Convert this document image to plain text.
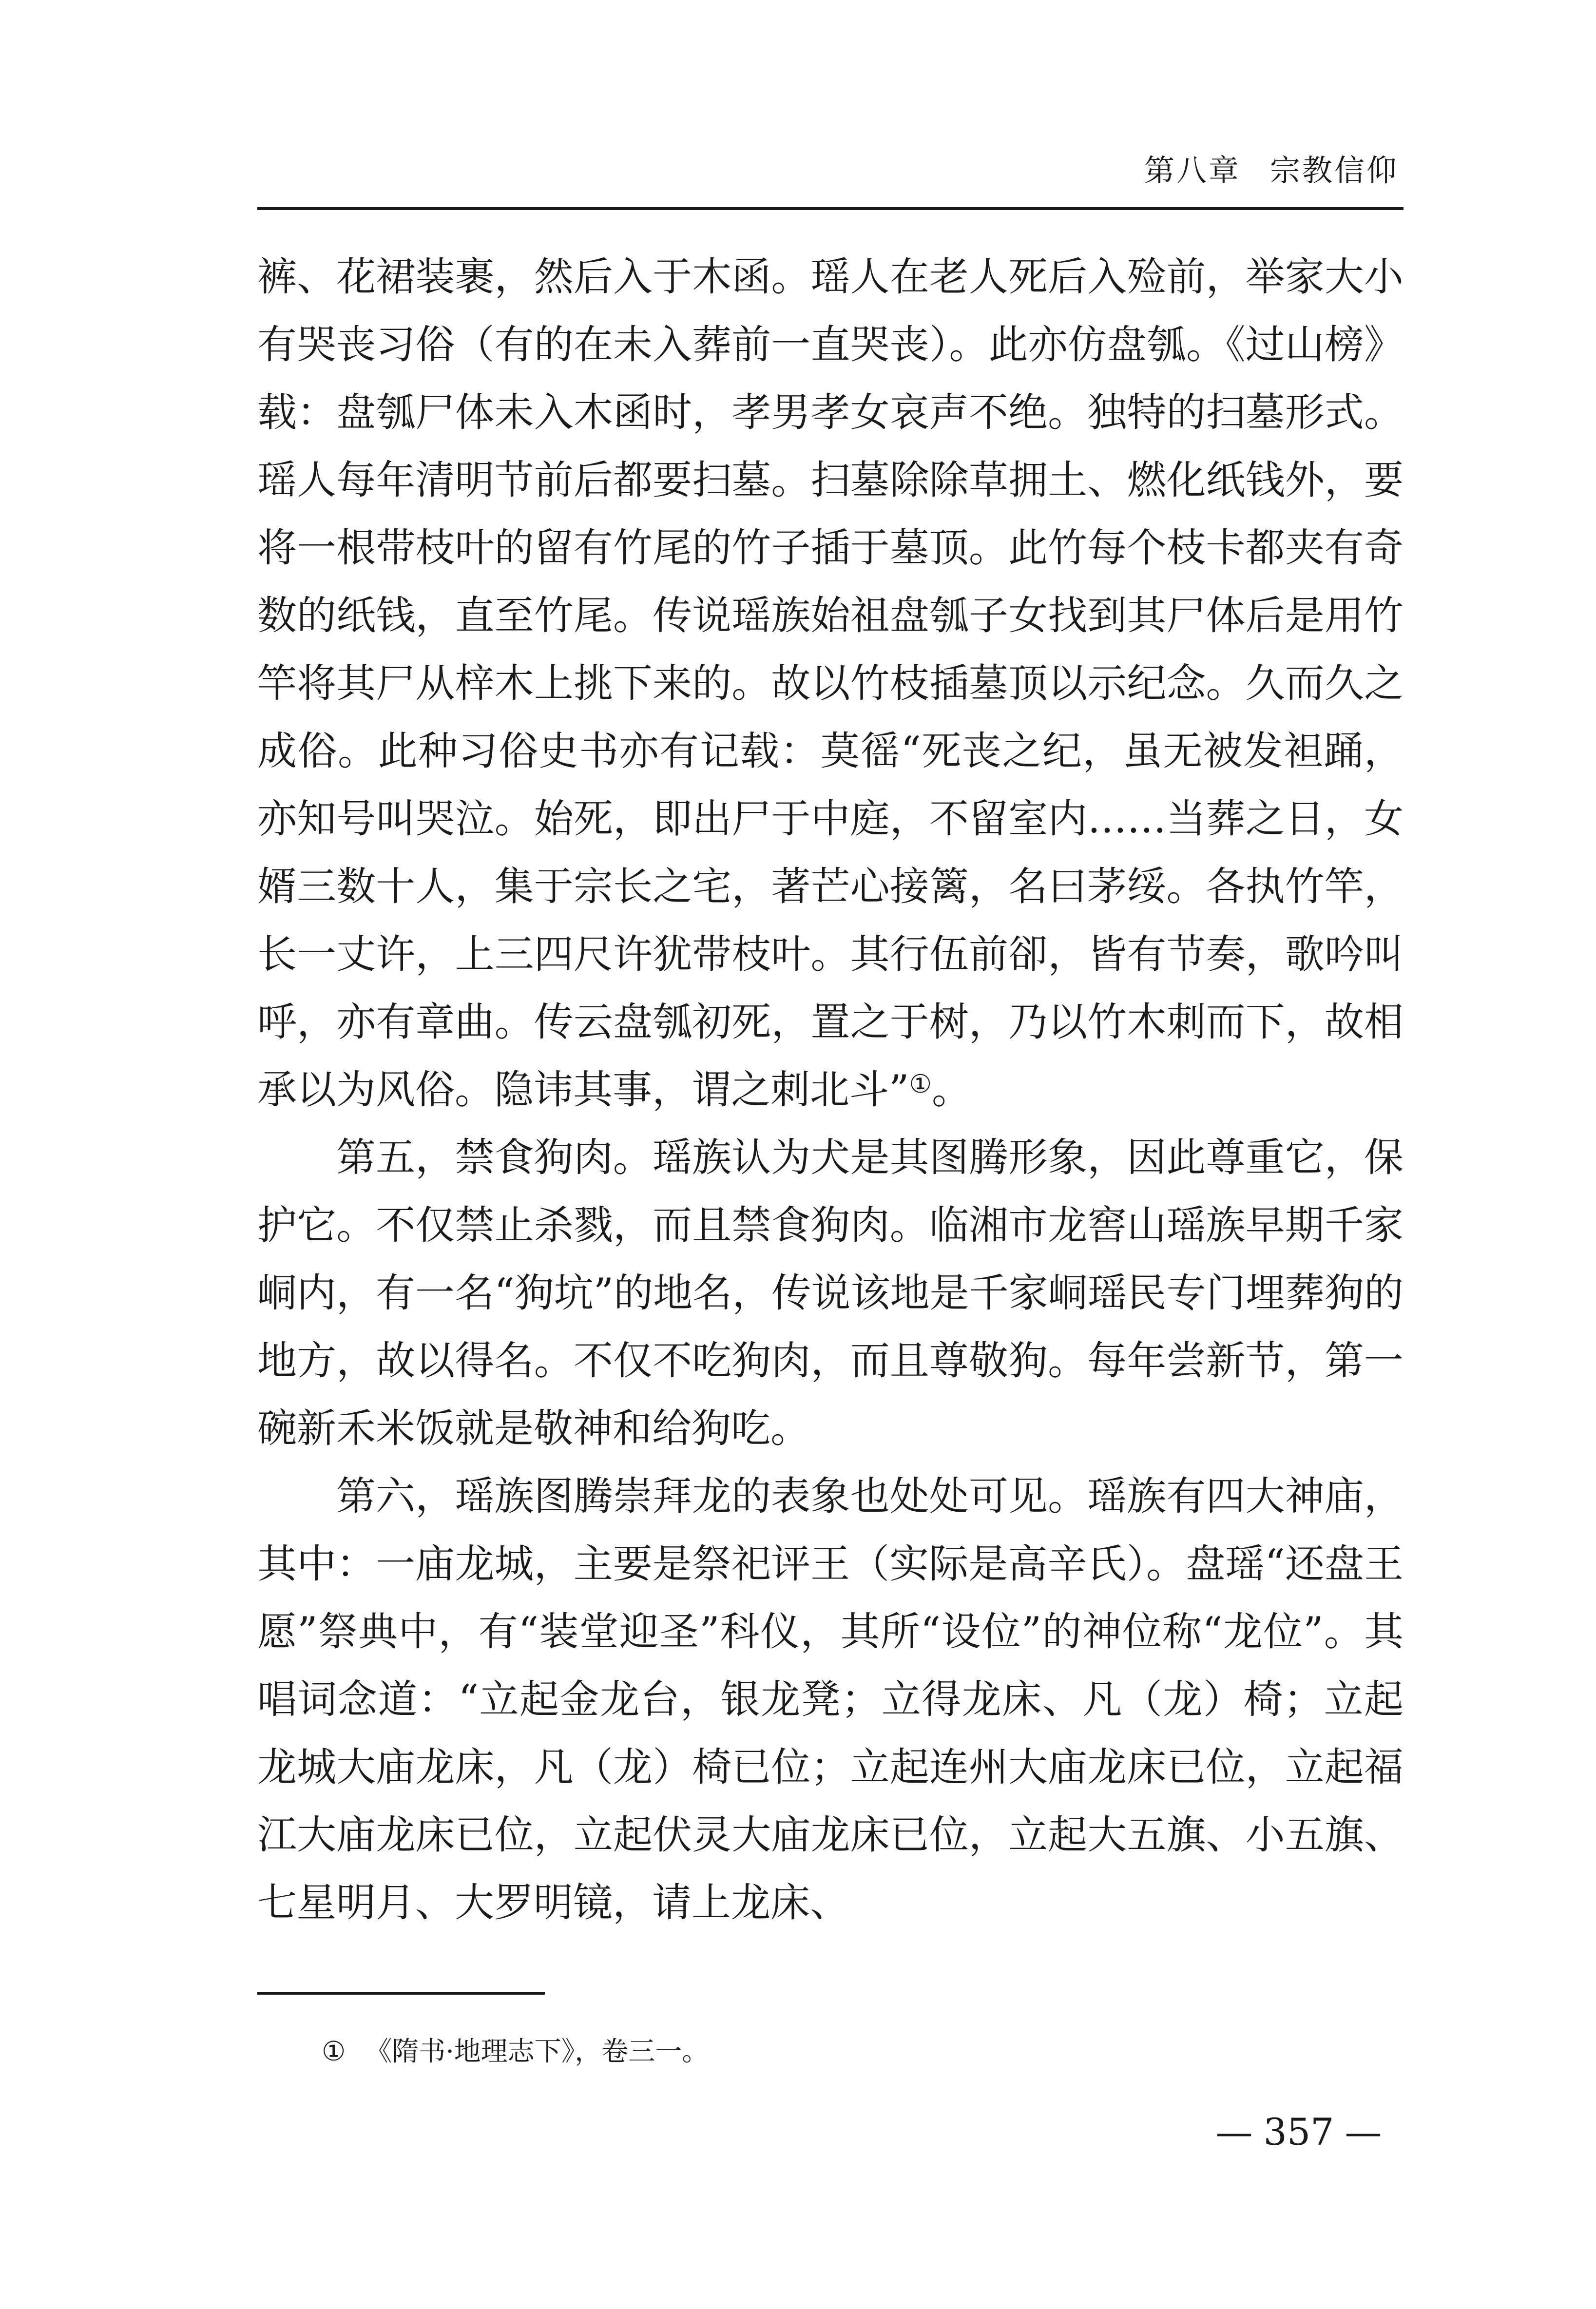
第八章 宗教信仰

裤、花裙装裹，然后入于木函。瑶人在老人死后入殓前，举家大小有哭丧习俗（有的在未入葬前一直哭丧）。此亦仿盘瓠。《过山榜》载：盘瓠尸体未入木函时，孝男孝女哀声不绝。独特的扫墓形式。瑶人每年清明节前后都要扫墓。扫墓除除草拥土、燃化纸钱外，要将一根带枝叶的留有竹尾的竹子插于墓顶。此竹每个枝卡都夹有奇数的纸钱，直至竹尾。传说瑶族始祖盘瓠子女找到其尸体后是用竹竿将其尸从梓木上挑下来的。故以竹枝插墓顶以示纪念。久而久之成俗。此种习俗史书亦有记载：莫徭“死丧之纪，虽无被发袒踊，亦知号叫哭泣。始死，即出尸于中庭，不留室内……当葬之日，女婿三数十人，集于宗长之宅，著芒心接篱，名曰茅绥。各执竹竿，长一丈许，上三四尺许犹带枝叶。其行伍前卻，皆有节奏，歌吟叫呼，亦有章曲。传云盘瓠初死，置之于树，乃以竹木刺而下，故相承以为风俗。隐讳其事，谓之刺北斗”①。

第五，禁食狗肉。瑶族认为犬是其图腾形象，因此尊重它，保护它。不仅禁止杀戮，而且禁食狗肉。临湘市龙窖山瑶族早期千家峒内，有一名“狗坑”的地名，传说该地是千家峒瑶民专门埋葬狗的地方，故以得名。不仅不吃狗肉，而且尊敬狗。每年尝新节，第一碗新禾米饭就是敬神和给狗吃。

第六，瑶族图腾崇拜龙的表象也处处可见。瑶族有四大神庙，其中：一庙龙城，主要是祭祀评王（实际是高辛氏）。盘瑶“还盘王愿”祭典中，有“装堂迎圣”科仪，其所“设位”的神位称“龙位”。其唱词念道：“立起金龙台，银龙凳；立得龙床、凡（龙）椅；立起龙城大庙龙床，凡（龙）椅已位；立起连州大庙龙床已位，立起福江大庙龙床已位，立起伏灵大庙龙床已位，立起大五旗、小五旗、七星明月、大罗明镜，请上龙床、

① 《隋书·地理志下》，卷三一。
— 357 —
